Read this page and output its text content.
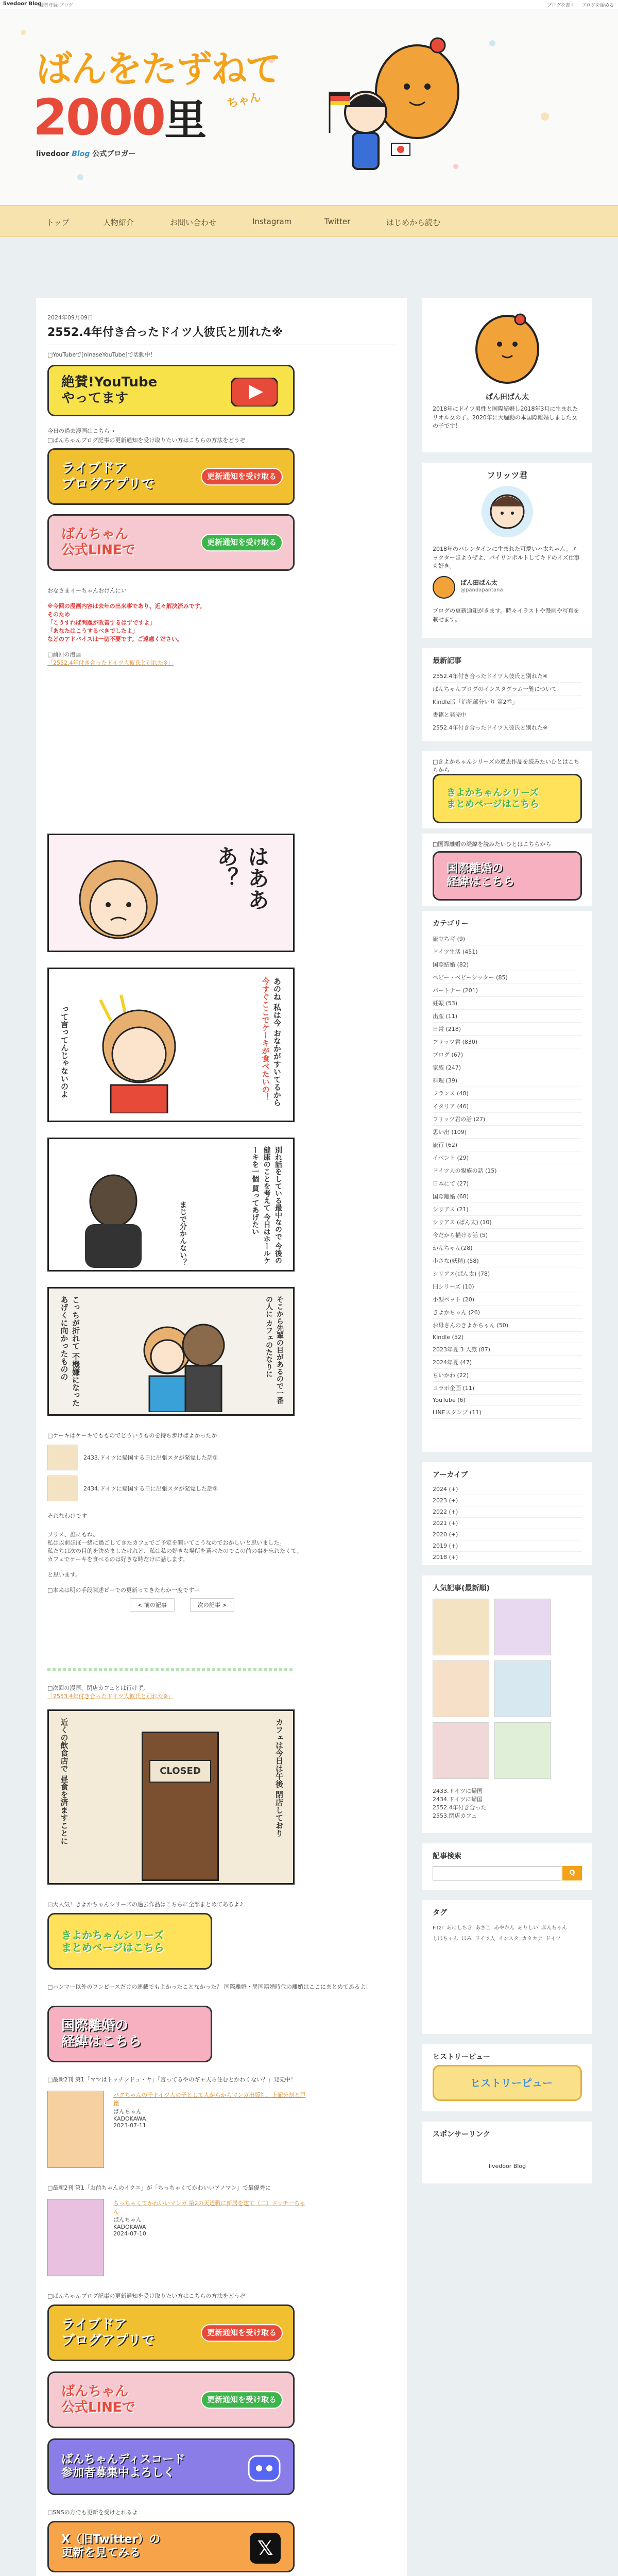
livedoor Blog
読者登録 ブログ	ブログを書く ブログを始める
ばんをたずねて
2000里 ちゃん
livedoor Blog 公式ブロガー
トップ	人物紹介	お問い合わせ	Instagram	Twitter	はじめから読む
2024年09月09日
2552.4年付き合ったドイツ人彼氏と別れた※
□YouTubeで[ninaseYouTube]で活動中！
絶賛!YouTube
やってます
今日の過去漫画はこちら→
□ばんちゃんブログ記事の更新通知を受け取りたい方はこちらの方法をどうぞ
ライブドア
ブログアプリで
更新通知を受け取る
ばんちゃん
公式LINEで
更新通知を受け取る
おなさまイーちゃんおけんにい
※今回の漫画内容は去年の出来事であり、近々解決済みです。
そのため
「こうすれば問題が改善するはずですよ」
「あなたはこうするべきでしたよ」
などのアドバイスは一切不要です。ご遠慮ください。
□前回の漫画
「2552.4年付き合ったドイツ人彼氏と別れた※」
はあああ？
って言ってんじゃないのよ
あのね 私は今 おなかがすいてるから 今すぐここでケーキが食べたいの！
別れ話をしている最中なので 今後の健康のことを考えて 今日はホールケーキを一個 買ってあげたい
まじで分かんない？
こっちが折れて 不機嫌になったあげくに向かったものの	そこから先輩の目があるので一番の人に カフェのたなりに
□ケーキはケーキでもものでどういうものを持ち歩けばよかったか
2433.ドイツに帰国する日に出張スタが発覚した話①
2434.ドイツに帰国する日に出張スタが発覚した話②
それなわけです
ソリス、誰にもね。
私は以前ほぼ一緒に過ごしてきたカフェでご予定を聞いてこうなのでおかしいと思いました。
私たちは次の目的を決めましたけれど、私は私の好きな場所を選べたのでこの前の事を忘れたくて。
カフェでケーキを食べるのは好きな時だけに話します。
と思います。
□本来は明の手段陳述ピーでの更新ってきたわか一度ですー
< 前の記事	次の記事 >
□次回の漫画、閉店カフェとは行けず。
「2553.4年付き合ったドイツ人彼氏と別れた※」
CLOSED
近くの飲食店で 昼食を済ますことに
カフェは今日は午後 閉店しており
□大人気！きよかちゃんシリーズの過去作品はこちらに全部まとめてあるよ♪
きよかちゃんシリーズ
まとめページはこちら
□ハンマー以外のワンピースだけの連載でもよかったことなかった？ 国際離婚・異国籍婚時代の離婚はここにまとめてあるよ！
国際離婚の
経緯はこちら
□最新2刊 第1「ママはトッチンドュ・ヤ」「言ってるやのギャ夫ら住むとかわくない？」発売中！
バクちゃんの子ドイツ人の子として人がらからマンガ出版社、上記分割と戸籍
ぱんちゃん
KADOKAWA
2023-07-11
□最新2刊 第1「お前ちゃんのイクエ」が「ちっちゃくてかわいいアノマン」で最優秀に
ちっちゃくてかわいいマンガ 第2の天道戦に新居を建て（二）ドッチ一ちゃん
ぱんちゃん
KADOKAWA
2024-07-10
□ばんちゃんブログ記事の更新通知を受け取りたい方はこちらの方法をどうぞ
ライブドア
ブログアプリで
更新通知を受け取る
ばんちゃん
公式LINEで
更新通知を受け取る
ばんちゃんディスコード
参加者募集中よろしく
□SNSの方でも更新を受けとれるよ
X（旧Twitter）の
更新を見てみる	𝕏

ぱん田ぱん太
2018年にドイツ男性と国際結婚し2018年3月に生まれたリオル女の子。2020年に大騒動の本国際離婚しました女の子です！
フリッツ君
2018年のバレンタインに生まれた可愛いハ太ちゃん。エックターほようぜよ、パイリンポルトしてキドのイズ仕事も好き。
ぱん田ぱん太
@pandapantana
ブログの更新通知がきます。時々イラストや漫画や写真を載せます。
最新記事
2552.4年付き合ったドイツ人彼氏と別れた※
ぱんちゃんブログのインスタグラム一覧について
Kindle版「追記部分いり 第2巻」
書籍と発売中
2552.4年付き合ったドイツ人彼氏と別れた※
□きよかちゃんシリーズの過去作品を読みたいひとはこちらから
きよかちゃんシリーズ
まとめページはこちら
□国際離婚の経緯を読みたいひとはこちらから
国際離婚の
経緯はこちら
カテゴリー
旅立ち考 (9)
ドイツ生活 (451)
国際結婚 (82)
ベビー・ベビーシッター (85)
パートナー (201)
妊娠 (53)
出産 (11)
日常 (218)
フリッツ君 (830)
ブログ (67)
家族 (247)
料理 (39)
フランス (48)
イタリア (46)
フリッツ君の話 (27)
思い出 (109)
旅行 (62)
イベント (29)
ドイツ人の親族の話 (15)
日本にて (27)
国際離婚 (68)
シリアス (21)
シリアス (ぱん太) (10)
今だから描ける話 (5)
かんちゃん(28)
小さな(妖精) (58)
シリアス(ぱん太) (78)
旧シリーズ (10)
小型ペット (20)
きよかちゃん (26)
お母さんのきよかちゃん (50)
Kindle (52)
2023年夏 3 人旅 (87)
2024年夏 (47)
ちいかわ (22)
コラボ企画 (11)
YouTube (6)
LINEスタンプ (11)
アーカイブ
2024 (+)
2023 (+)
2022 (+)
2021 (+)
2020 (+)
2019 (+)
2018 (+)
人気記事(最新順)
2433.ドイツに帰国
2434.ドイツに帰国
2552.4年付き合った
2553.閉店カフェ
記事検索
Q
タグ
Fitzr あにしちき あさこ あやかん ありしい ぶんちゃんしほちゃん ほみ ドイツ人 インスタ カタカナ ドイツ
ヒストリーピュー
ヒストリーピュー
スポンサーリンク
livedoor Blog
